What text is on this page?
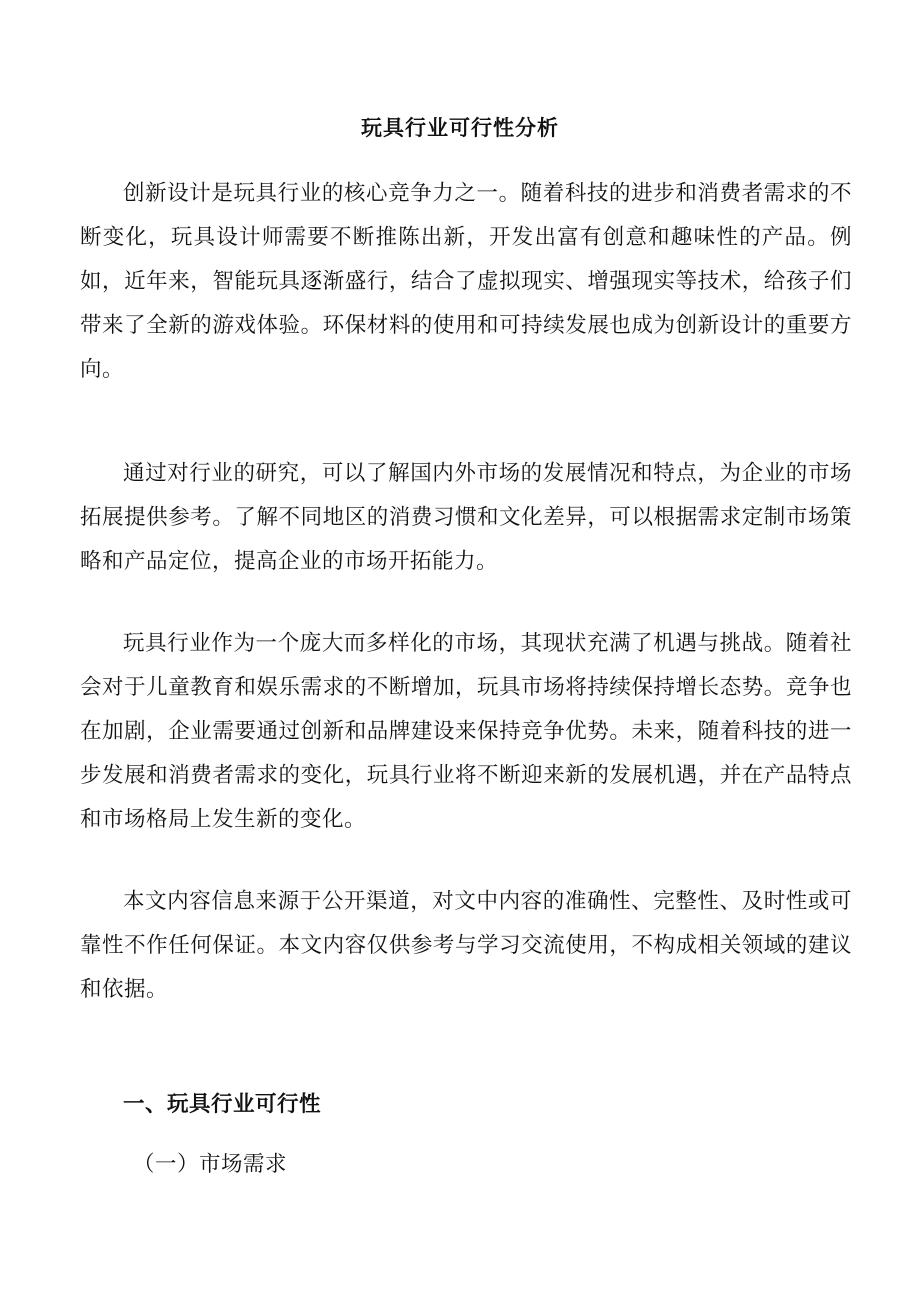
玩具行业可行性分析

创新设计是玩具行业的核心竞争力之一。随着科技的进步和消费者需求的不断变化，玩具设计师需要不断推陈出新，开发出富有创意和趣味性的产品。例如，近年来，智能玩具逐渐盛行，结合了虚拟现实、增强现实等技术，给孩子们带来了全新的游戏体验。环保材料的使用和可持续发展也成为创新设计的重要方向。

通过对行业的研究，可以了解国内外市场的发展情况和特点，为企业的市场拓展提供参考。了解不同地区的消费习惯和文化差异，可以根据需求定制市场策略和产品定位，提高企业的市场开拓能力。

玩具行业作为一个庞大而多样化的市场，其现状充满了机遇与挑战。随着社会对于儿童教育和娱乐需求的不断增加，玩具市场将持续保持增长态势。竞争也在加剧，企业需要通过创新和品牌建设来保持竞争优势。未来，随着科技的进一步发展和消费者需求的变化，玩具行业将不断迎来新的发展机遇，并在产品特点和市场格局上发生新的变化。

本文内容信息来源于公开渠道，对文中内容的准确性、完整性、及时性或可靠性不作任何保证。本文内容仅供参考与学习交流使用，不构成相关领域的建议和依据。

一、玩具行业可行性
（一）市场需求
